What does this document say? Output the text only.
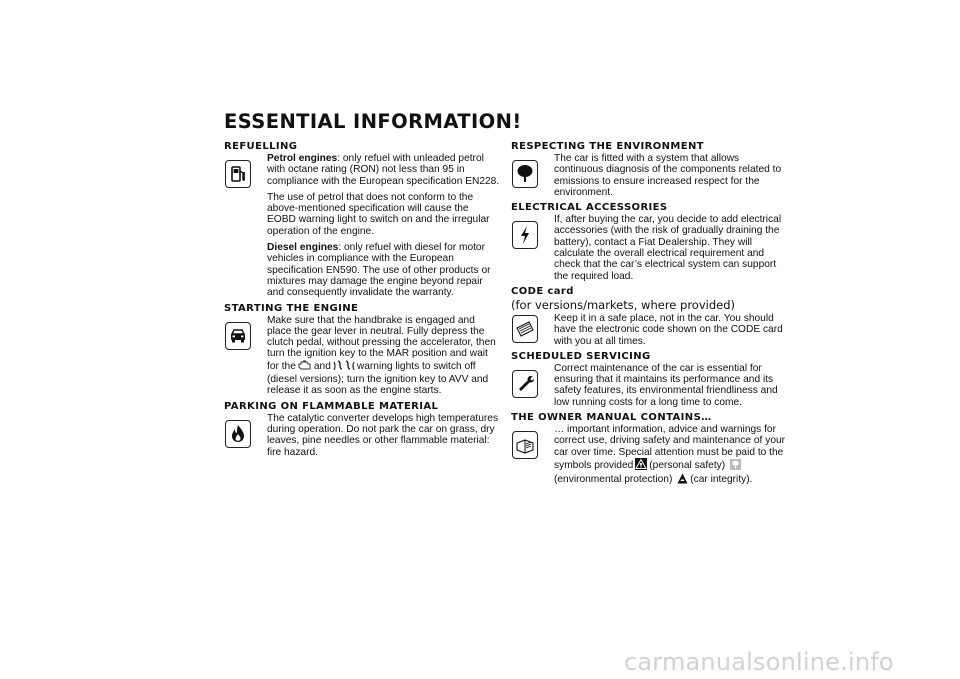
ESSENTIAL INFORMATION!
REFUELLING

Petrol engines: only refuel with unleaded petrol with octane rating (RON) not less than 95 in compliance with the European specification EN228.

The use of petrol that does not conform to the above-mentioned specification will cause the EOBD warning light to switch on and the irregular operation of the engine.

Diesel engines: only refuel with diesel for motor vehicles in compliance with the European specification EN590. The use of other products or mixtures may damage the engine beyond repair and consequently invalidate the warranty.

STARTING THE ENGINE

Make sure that the handbrake is engaged and place the gear lever in neutral. Fully depress the clutch pedal, without pressing the accelerator, then turn the ignition key to the MAR position and wait for the and	warning lights to switch off (diesel versions); turn the ignition key to AVV and release it as soon as the engine starts.

PARKING ON FLAMMABLE MATERIAL

The catalytic converter develops high temperatures during operation. Do not park the car on grass, dry leaves, pine needles or other flammable material: fire hazard.

RESPECTING THE ENVIRONMENT

The car is fitted with a system that allows continuous diagnosis of the components related to emissions to ensure increased respect for the environment.

ELECTRICAL ACCESSORIES

If, after buying the car, you decide to add electrical accessories (with the risk of gradually draining the battery), contact a Fiat Dealership. They will calculate the overall electrical requirement and check that the car’s electrical system can support the required load.

CODE card
(for versions/markets, where provided)

Keep it in a safe place, not in the car. You should have the electronic code shown on the CODE card with you at all times.

SCHEDULED SERVICING

Correct maintenance of the car is essential for ensuring that it maintains its performance and its safety features, its environmental friendliness and low running costs for a long time to come.

THE OWNER MANUAL CONTAINS…

… important information, advice and warnings for correct use, driving safety and maintenance of your car over time. Special attention must be paid to the symbols provided (personal safety) (environmental protection) (car integrity).

carmanualsonline.info
